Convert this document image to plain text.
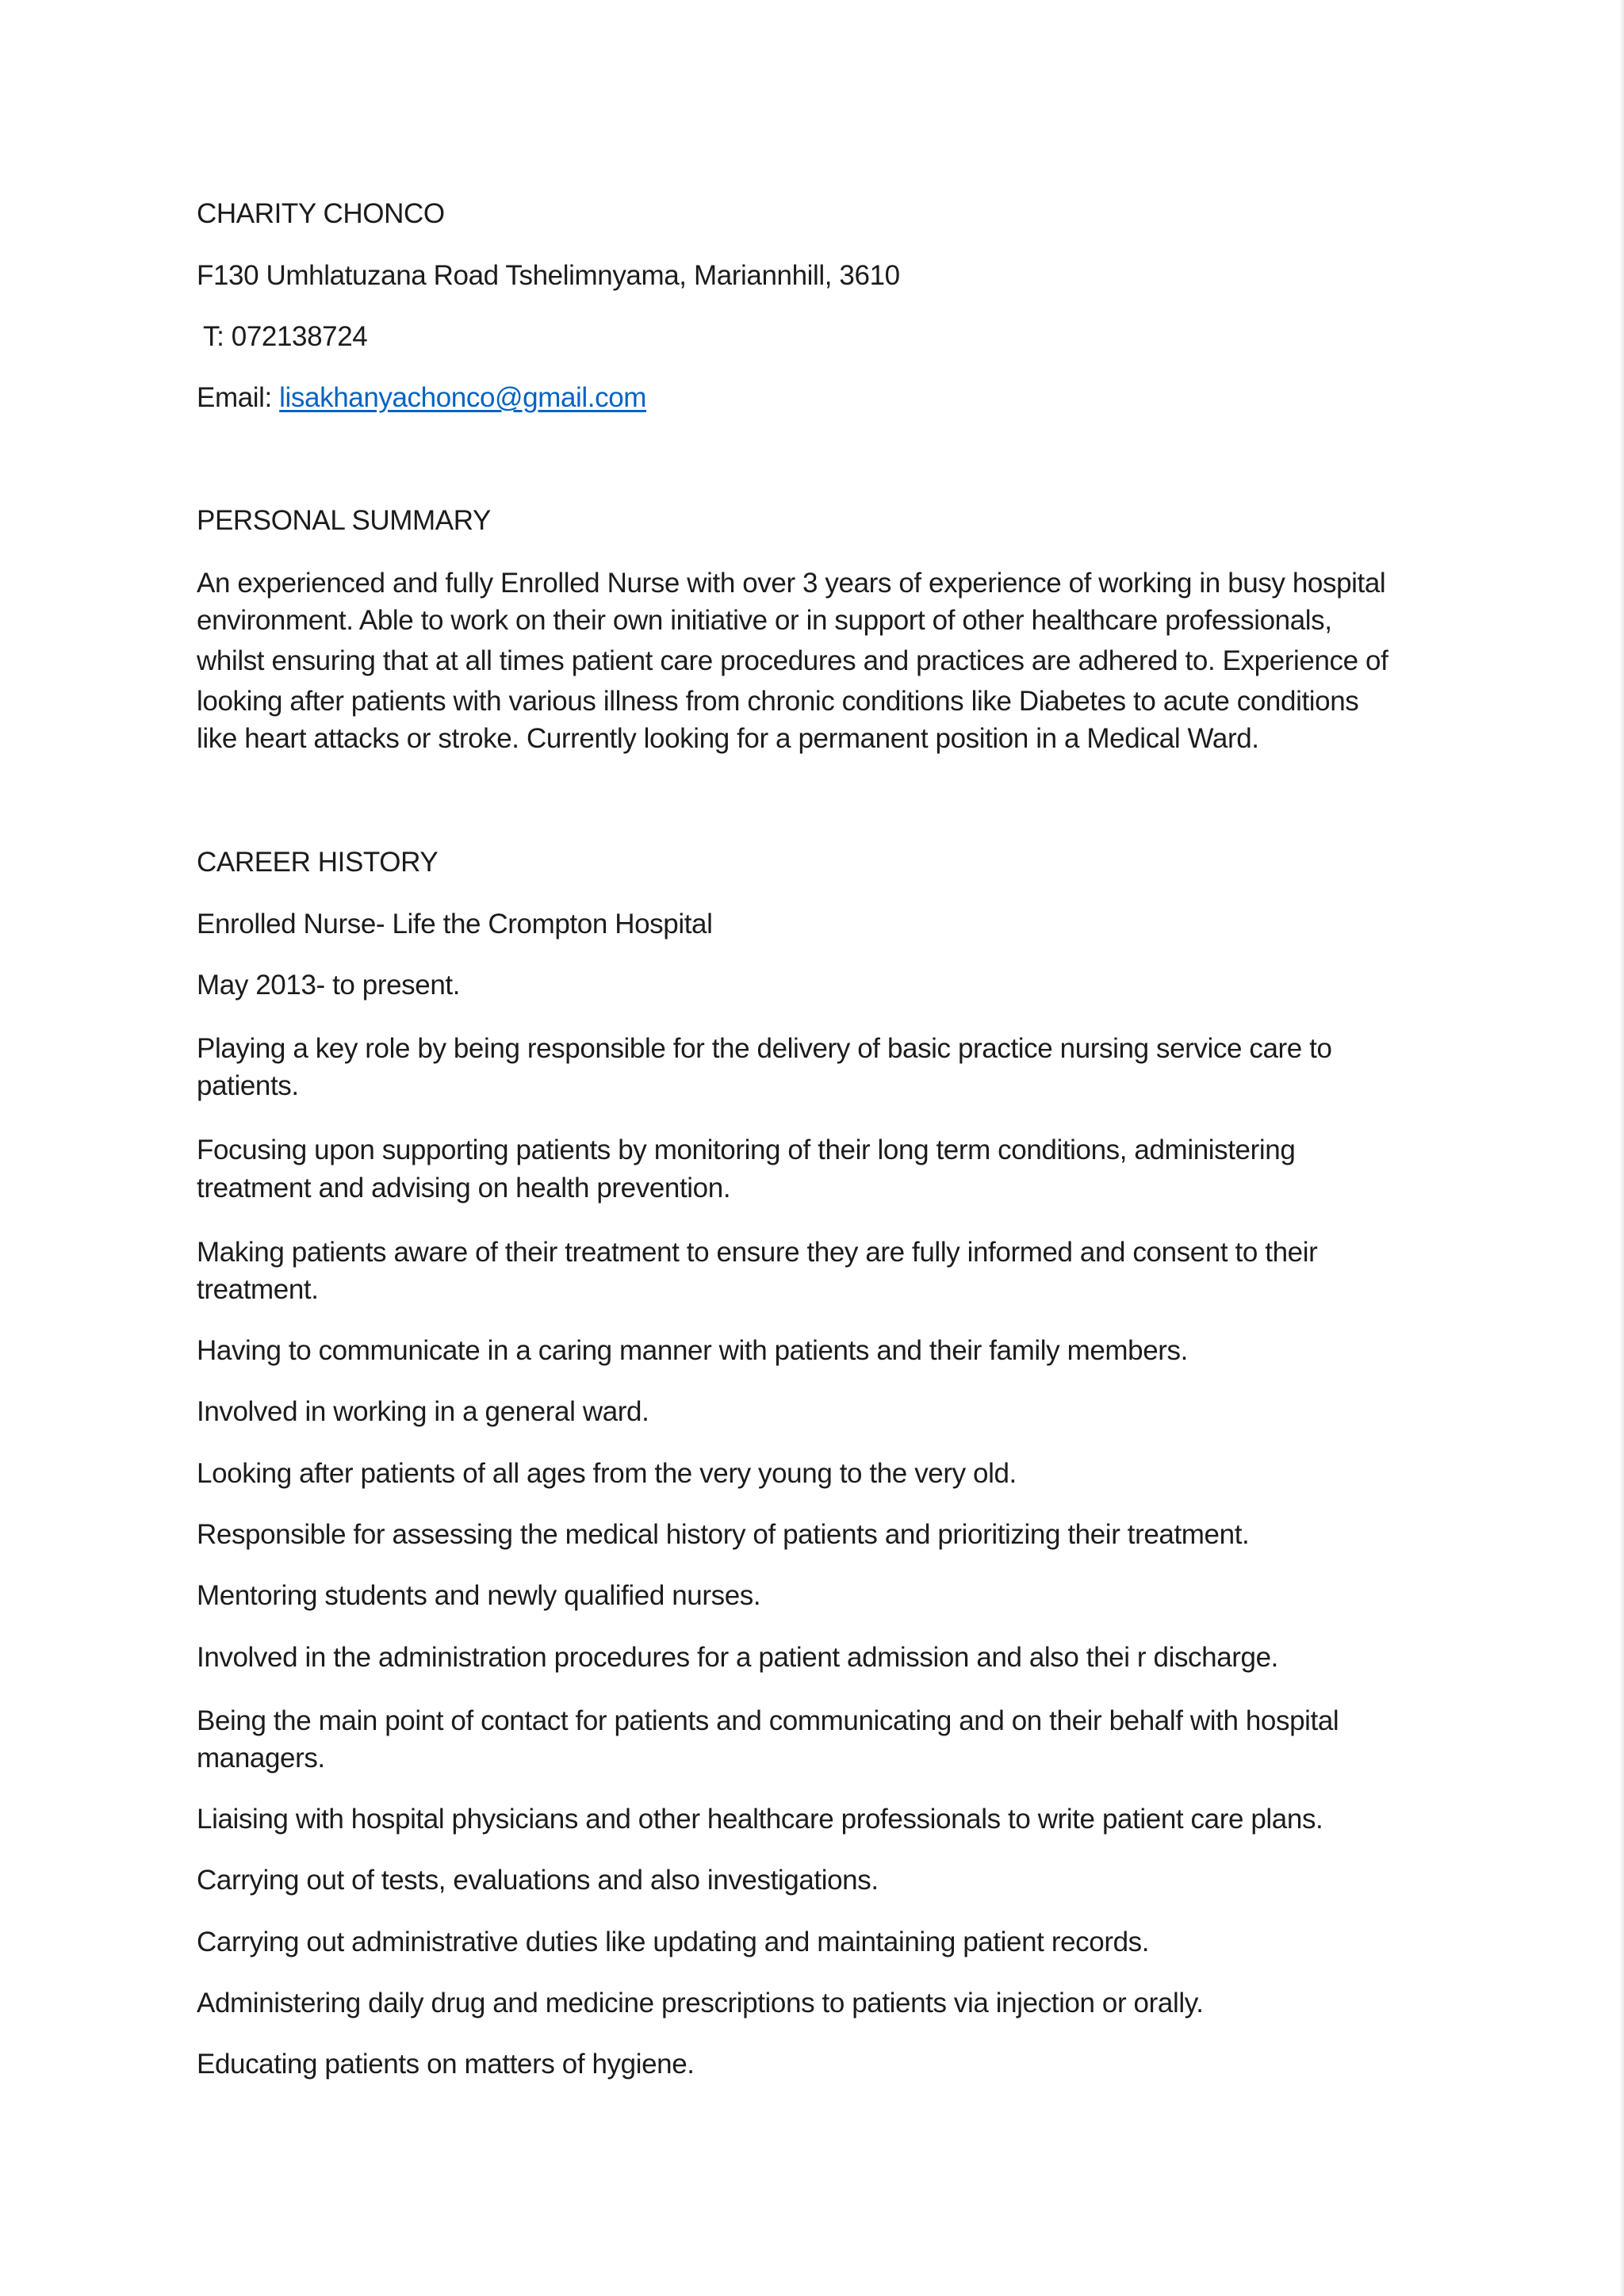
CHARITY CHONCO
F130 Umhlatuzana Road Tshelimnyama, Mariannhill, 3610
T: 072138724
Email: lisakhanyachonco@gmail.com
PERSONAL SUMMARY
An experienced and fully Enrolled Nurse with over 3 years of experience of working in busy hospital
environment. Able to work on their own initiative or in support of other healthcare professionals,
whilst ensuring that at all times patient care procedures and practices are adhered to. Experience of
looking after patients with various illness from chronic conditions like Diabetes to acute conditions
like heart attacks or stroke. Currently looking for a permanent position in a Medical Ward.
CAREER HISTORY
Enrolled Nurse- Life the Crompton Hospital
May 2013- to present.
Playing a key role by being responsible for the delivery of basic practice nursing service care to
patients.
Focusing upon supporting patients by monitoring of their long term conditions, administering
treatment and advising on health prevention.
Making patients aware of their treatment to ensure they are fully informed and consent to their
treatment.
Having to communicate in a caring manner with patients and their family members.
Involved in working in a general ward.
Looking after patients of all ages from the very young to the very old.
Responsible for assessing the medical history of patients and prioritizing their treatment.
Mentoring students and newly qualified nurses.
Involved in the administration procedures for a patient admission and also thei r discharge.
Being the main point of contact for patients and communicating and on their behalf with hospital
managers.
Liaising with hospital physicians and other healthcare professionals to write patient care plans.
Carrying out of tests, evaluations and also investigations.
Carrying out administrative duties like updating and maintaining patient records.
Administering daily drug and medicine prescriptions to patients via injection or orally.
Educating patients on matters of hygiene.
